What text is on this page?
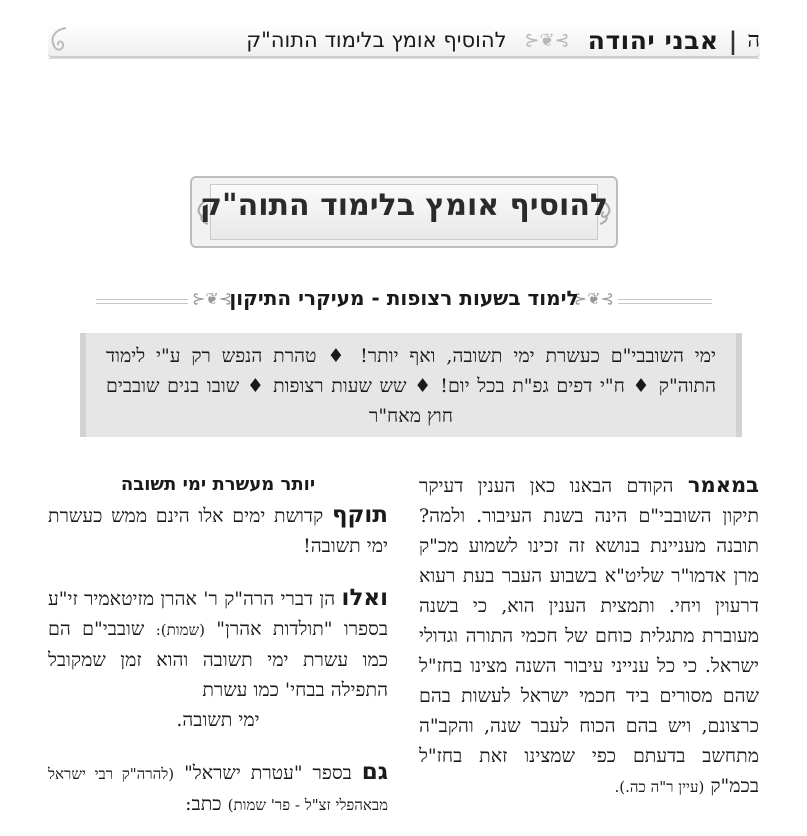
ה
|
אבני יהודה
⊱❦⊰
להוסיף אומץ בלימוד התוה"ק
להוסיף אומץ בלימוד התוה"ק
⊱❦⊰
לימוד בשעות רצופות - מעיקרי התיקון
⊱❦⊰
ימי השובבי"ם כעשרת ימי תשובה, ואף יותר! ♦ טהרת הנפש רק ע"י לימוד התוה"ק ♦ ח"י דפים גפ"ת בכל יום! ♦ שש שעות רצופות ♦ שובו בנים שובבים חוץ מאח"ר

במאמר הקודם הבאנו כאן הענין דעיקר תיקון השובבי"ם הינה בשנת העיבור. ולמה? תובנה מעניינת בנושא זה זכינו לשמוע מכ"ק מרן אדמו"ר שליט"א בשבוע העבר בעת רעוא דרעוין ויחי. ותמצית הענין הוא, כי בשנה מעוברת מתגלית כוחם של חכמי התורה וגדולי ישראל. כי כל ענייני עיבור השנה מצינו בחז"ל שהם מסורים ביד חכמי ישראל לעשות בהם כרצונם, ויש בהם הכוח לעבר שנה, והקב"ה מתחשב בדעתם כפי שמצינו זאת בחז"ל בכמ"ק (עיין ר"ה כה.).

יותר מעשרת ימי תשובה

תוקף קדושת ימים אלו הינם ממש כעשרת ימי תשובה!

ואלו הן דברי הרה"ק ר' אהרן מזיטאמיר זי"ע בספרו "תולדות אהרן" (שמות): שובבי"ם הם כמו עשרת ימי תשובה והוא זמן שמקובל התפילה בבחי' כמו עשרת

ימי תשובה.

גם בספר "עטרת ישראל" (להרה"ק רבי ישראל מבאהפלי זצ"ל - פר' שמות) כתב:
